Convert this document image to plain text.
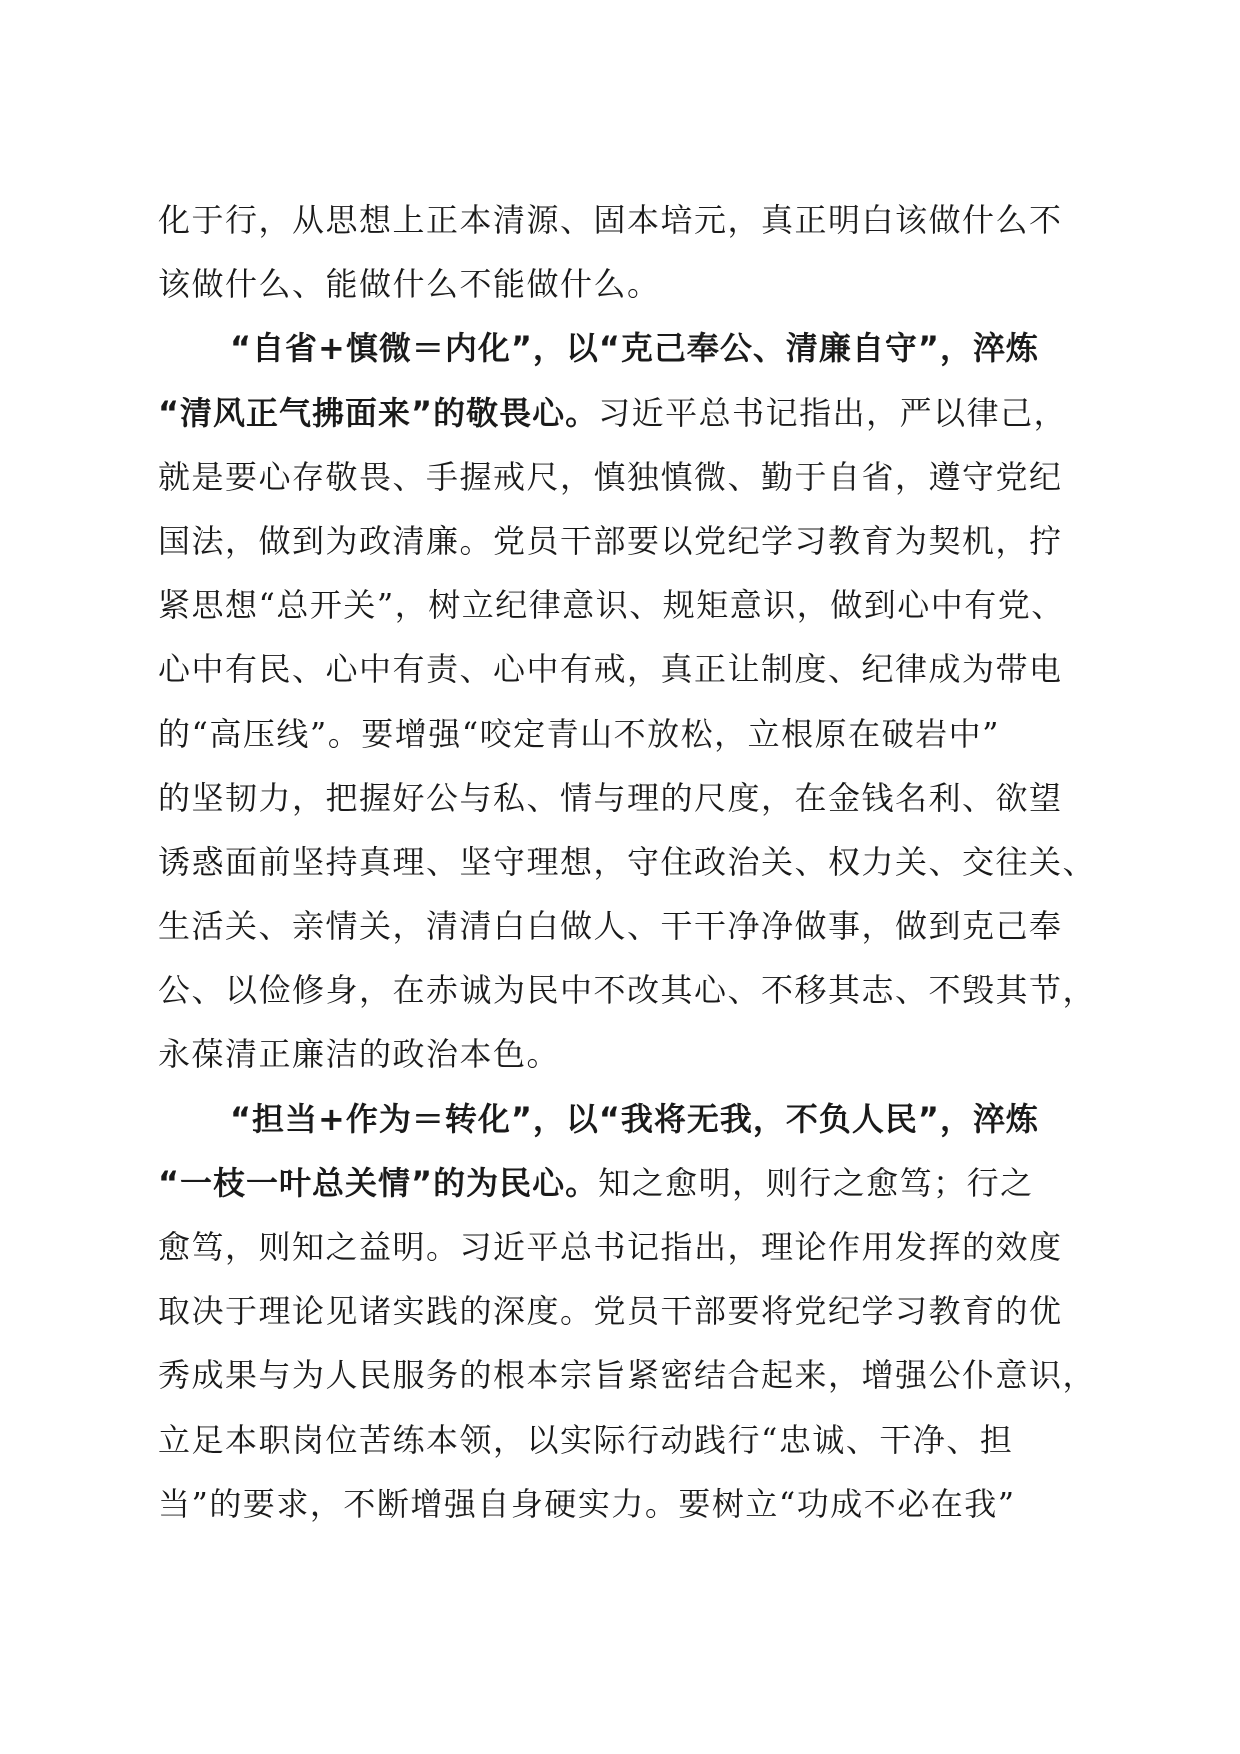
化于行，从思想上正本清源、固本培元，真正明白该做什么不
该做什么、能做什么不能做什么。
“自省+慎微＝内化”，以“克己奉公、清廉自守”，淬炼
“清风正气拂面来”的敬畏心。习近平总书记指出，严以律己，
就是要心存敬畏、手握戒尺，慎独慎微、勤于自省，遵守党纪
国法，做到为政清廉。党员干部要以党纪学习教育为契机，拧
紧思想“总开关”，树立纪律意识、规矩意识，做到心中有党、
心中有民、心中有责、心中有戒，真正让制度、纪律成为带电
的“高压线”。要增强“咬定青山不放松，立根原在破岩中”
的坚韧力，把握好公与私、情与理的尺度，在金钱名利、欲望
诱惑面前坚持真理、坚守理想，守住政治关、权力关、交往关、
生活关、亲情关，清清白白做人、干干净净做事，做到克己奉
公、以俭修身，在赤诚为民中不改其心、不移其志、不毁其节，
永葆清正廉洁的政治本色。
“担当+作为＝转化”，以“我将无我，不负人民”，淬炼
“一枝一叶总关情”的为民心。知之愈明，则行之愈笃；行之
愈笃，则知之益明。习近平总书记指出，理论作用发挥的效度
取决于理论见诸实践的深度。党员干部要将党纪学习教育的优
秀成果与为人民服务的根本宗旨紧密结合起来，增强公仆意识，
立足本职岗位苦练本领，以实际行动践行“忠诚、干净、担
当”的要求，不断增强自身硬实力。要树立“功成不必在我”
